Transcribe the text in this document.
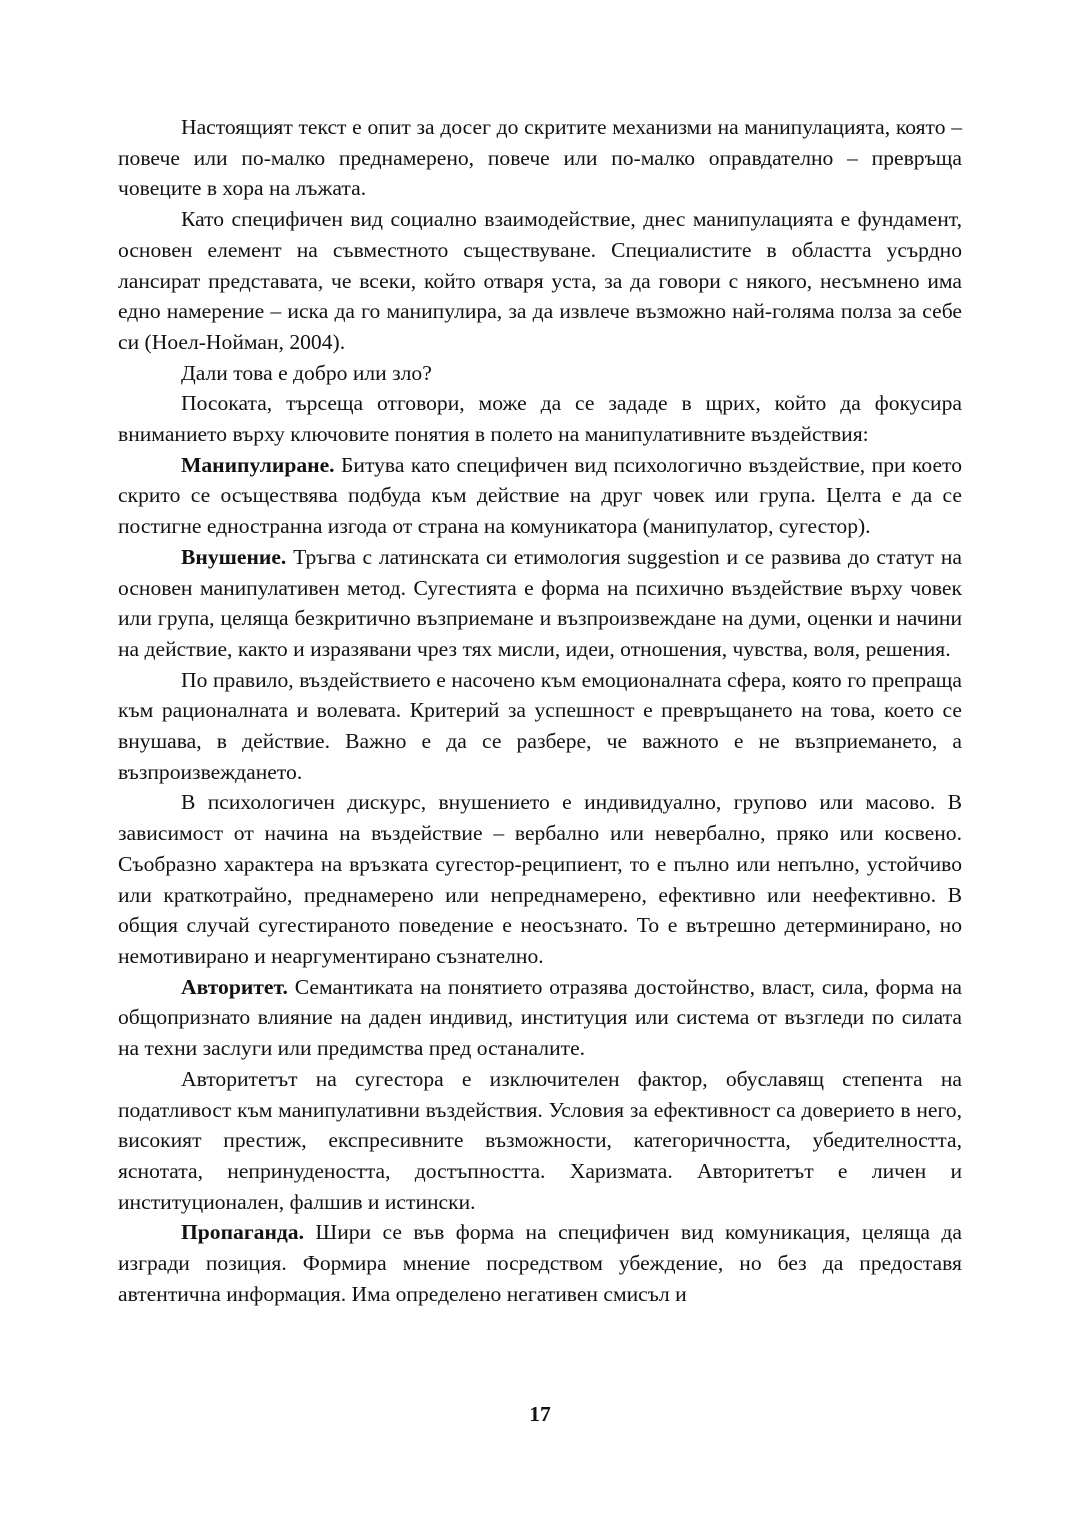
Настоящият текст е опит за досег до скритите механизми на манипулацията, която – повече или по-малко преднамерено, повече или по-малко оправдателно – превръща човеците в хора на лъжата.

Като специфичен вид социално взаимодействие, днес манипулацията е фундамент, основен елемент на съвместното съществуване. Специалистите в областта усърдно лансират представата, че всеки, който отваря уста, за да говори с някого, несъмнено има едно намерение – иска да го манипулира, за да извлече възможно най-голяма полза за себе си (Ноел-Нойман, 2004).

Дали това е добро или зло?

Посоката, търсеща отговори, може да се зададе в щрих, който да фокусира вниманието върху ключовите понятия в полето на манипулативните въздействия:

Манипулиране. Битува като специфичен вид психологично въздействие, при което скрито се осъществява подбуда към действие на друг човек или група. Целта е да се постигне едностранна изгода от страна на комуникатора (манипулатор, сугестор).

Внушение. Тръгва с латинската си етимология suggestion и се развива до статут на основен манипулативен метод. Сугестията е форма на психично въздействие върху човек или група, целяща безкритично възприемане и възпроизвеждане на думи, оценки и начини на действие, както и изразявани чрез тях мисли, идеи, отношения, чувства, воля, решения.

По правило, въздействието е насочено към емоционалната сфера, която го препраща към рационалната и волевата. Критерий за успешност е превръщането на това, което се внушава, в действие. Важно е да се разбере, че важното е не възприемането, а възпроизвеждането.

В психологичен дискурс, внушението е индивидуално, групово или масово. В зависимост от начина на въздействие – вербално или невербално, пряко или косвено. Съобразно характера на връзката сугестор-реципиент, то е пълно или непълно, устойчиво или краткотрайно, преднамерено или непреднамерено, ефективно или неефективно. В общия случай сугестираното поведение е неосъзнато. То е вътрешно детерминирано, но немотивирано и неаргументирано съзнателно.

Авторитет. Семантиката на понятието отразява достойнство, власт, сила, форма на общопризнато влияние на даден индивид, институция или система от възгледи по силата на техни заслуги или предимства пред останалите.

Авторитетът на сугестора е изключителен фактор, обуславящ степента на податливост към манипулативни въздействия. Условия за ефективност са доверието в него, високият престиж, експресивните възможности, категоричността, убедителността, яснотата, непринудеността, достъпността. Харизмата. Авторитетът е личен и институционален, фалшив и истински.

Пропаганда. Шири се във форма на специфичен вид комуникация, целяща да изгради позиция. Формира мнение посредством убеждение, но без да предоставя автентична информация. Има определено негативен смисъл и

17
